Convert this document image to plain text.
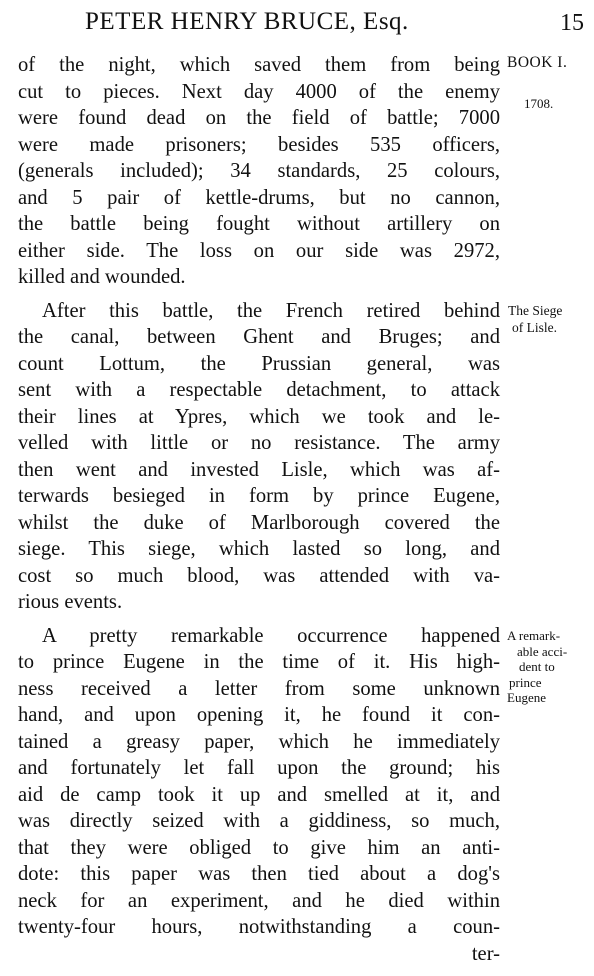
PETER HENRY BRUCE, Esq.	15
BOOK I.
1708.
The Siege
of Lisle.
A remark-
able acci-
dent to
prince
Eugene
of the night, which saved them from being
cut to pieces. Next day 4000 of the enemy
were found dead on the field of battle; 7000
were made prisoners; besides 535 officers,
(generals included); 34 standards, 25 colours,
and 5 pair of kettle-drums, but no cannon,
the battle being fought without artillery on
either side. The loss on our side was 2972,
killed and wounded.
After this battle, the French retired behind
the canal, between Ghent and Bruges; and
count Lottum, the Prussian general, was
sent with a respectable detachment, to attack
their lines at Ypres, which we took and le-
velled with little or no resistance. The army
then went and invested Lisle, which was af-
terwards besieged in form by prince Eugene,
whilst the duke of Marlborough covered the
siege. This siege, which lasted so long, and
cost so much blood, was attended with va-
rious events.
A pretty remarkable occurrence happened
to prince Eugene in the time of it. His high-
ness received a letter from some unknown
hand, and upon opening it, he found it con-
tained a greasy paper, which he immediately
and fortunately let fall upon the ground; his
aid de camp took it up and smelled at it, and
was directly seized with a giddiness, so much,
that they were obliged to give him an anti-
dote: this paper was then tied about a dog's
neck for an experiment, and he died within
twenty-four hours, notwithstanding a coun-
ter-
